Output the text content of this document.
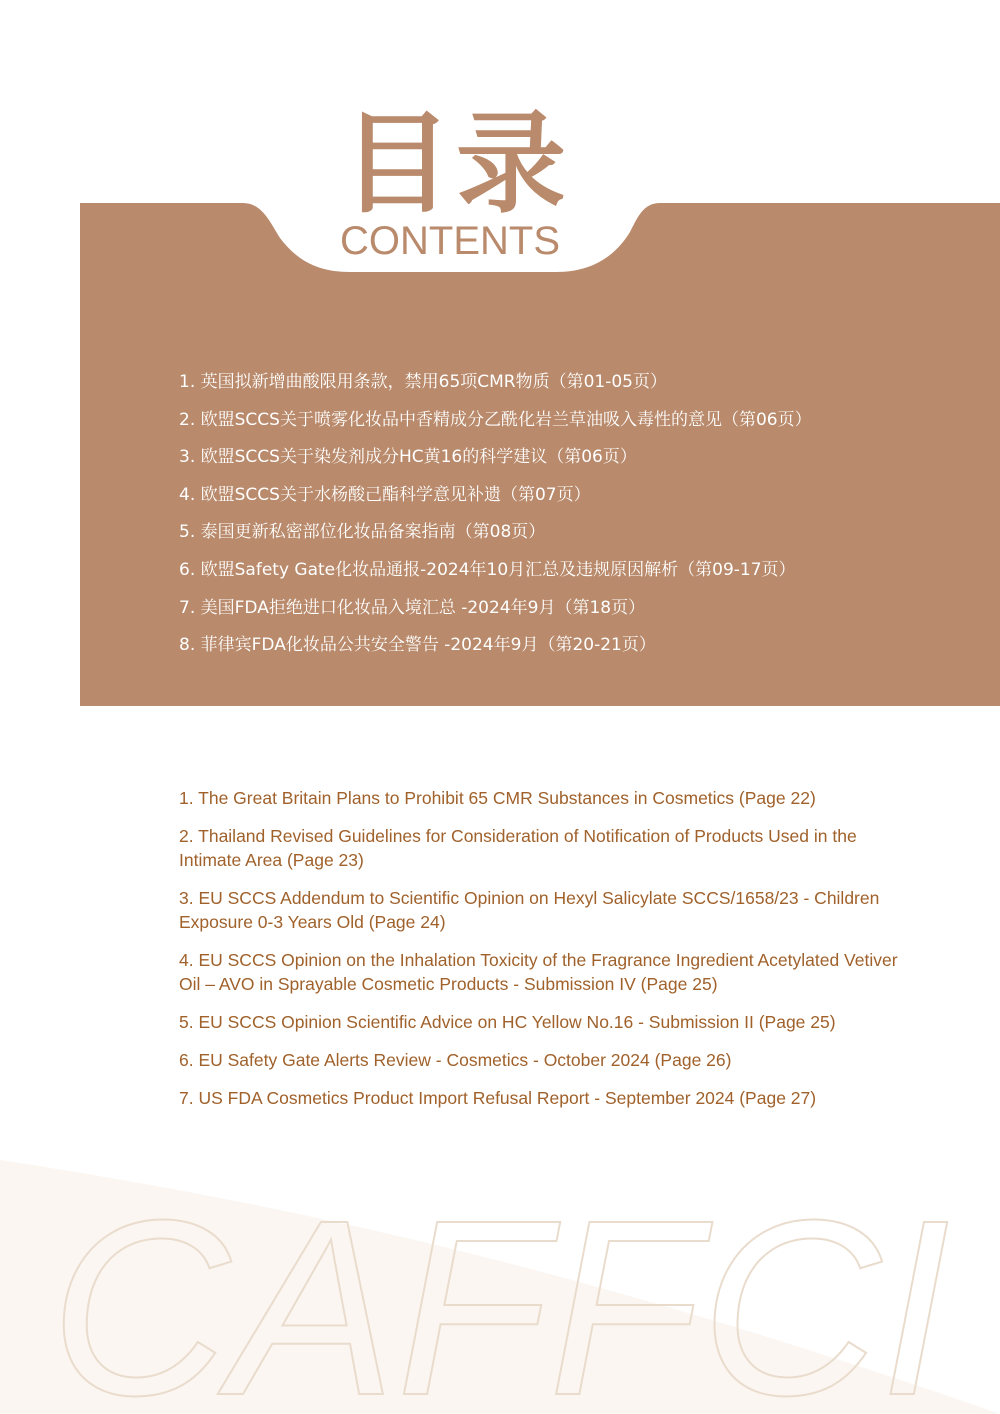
目录
CONTENTS
1. 英国拟新增曲酸限用条款，禁用65项CMR物质（第01-05页）
2. 欧盟SCCS关于喷雾化妆品中香精成分乙酰化岩兰草油吸入毒性的意见（第06页）
3. 欧盟SCCS关于染发剂成分HC黄16的科学建议（第06页）
4. 欧盟SCCS关于水杨酸己酯科学意见补遗（第07页）
5. 泰国更新私密部位化妆品备案指南（第08页）
6. 欧盟Safety Gate化妆品通报-2024年10月汇总及违规原因解析（第09-17页）
7. 美国FDA拒绝进口化妆品入境汇总 -2024年9月（第18页）
8. 菲律宾FDA化妆品公共安全警告 -2024年9月（第20-21页）
1. The Great Britain Plans to Prohibit 65 CMR Substances in Cosmetics (Page 22)
2. Thailand Revised Guidelines for Consideration of Notification of Products Used in the Intimate Area (Page 23)
3. EU SCCS Addendum to Scientific Opinion on Hexyl Salicylate SCCS/1658/23 - Children Exposure 0-3 Years Old (Page 24)
4. EU SCCS Opinion on the Inhalation Toxicity of the Fragrance Ingredient Acetylated Vetiver Oil – AVO in Sprayable Cosmetic Products - Submission IV (Page 25)
5. EU SCCS Opinion Scientific Advice on HC Yellow No.16 - Submission II (Page 25)
6. EU Safety Gate Alerts Review - Cosmetics - October 2024 (Page 26)
7. US FDA Cosmetics Product Import Refusal Report - September 2024 (Page 27)
CAFFCI
